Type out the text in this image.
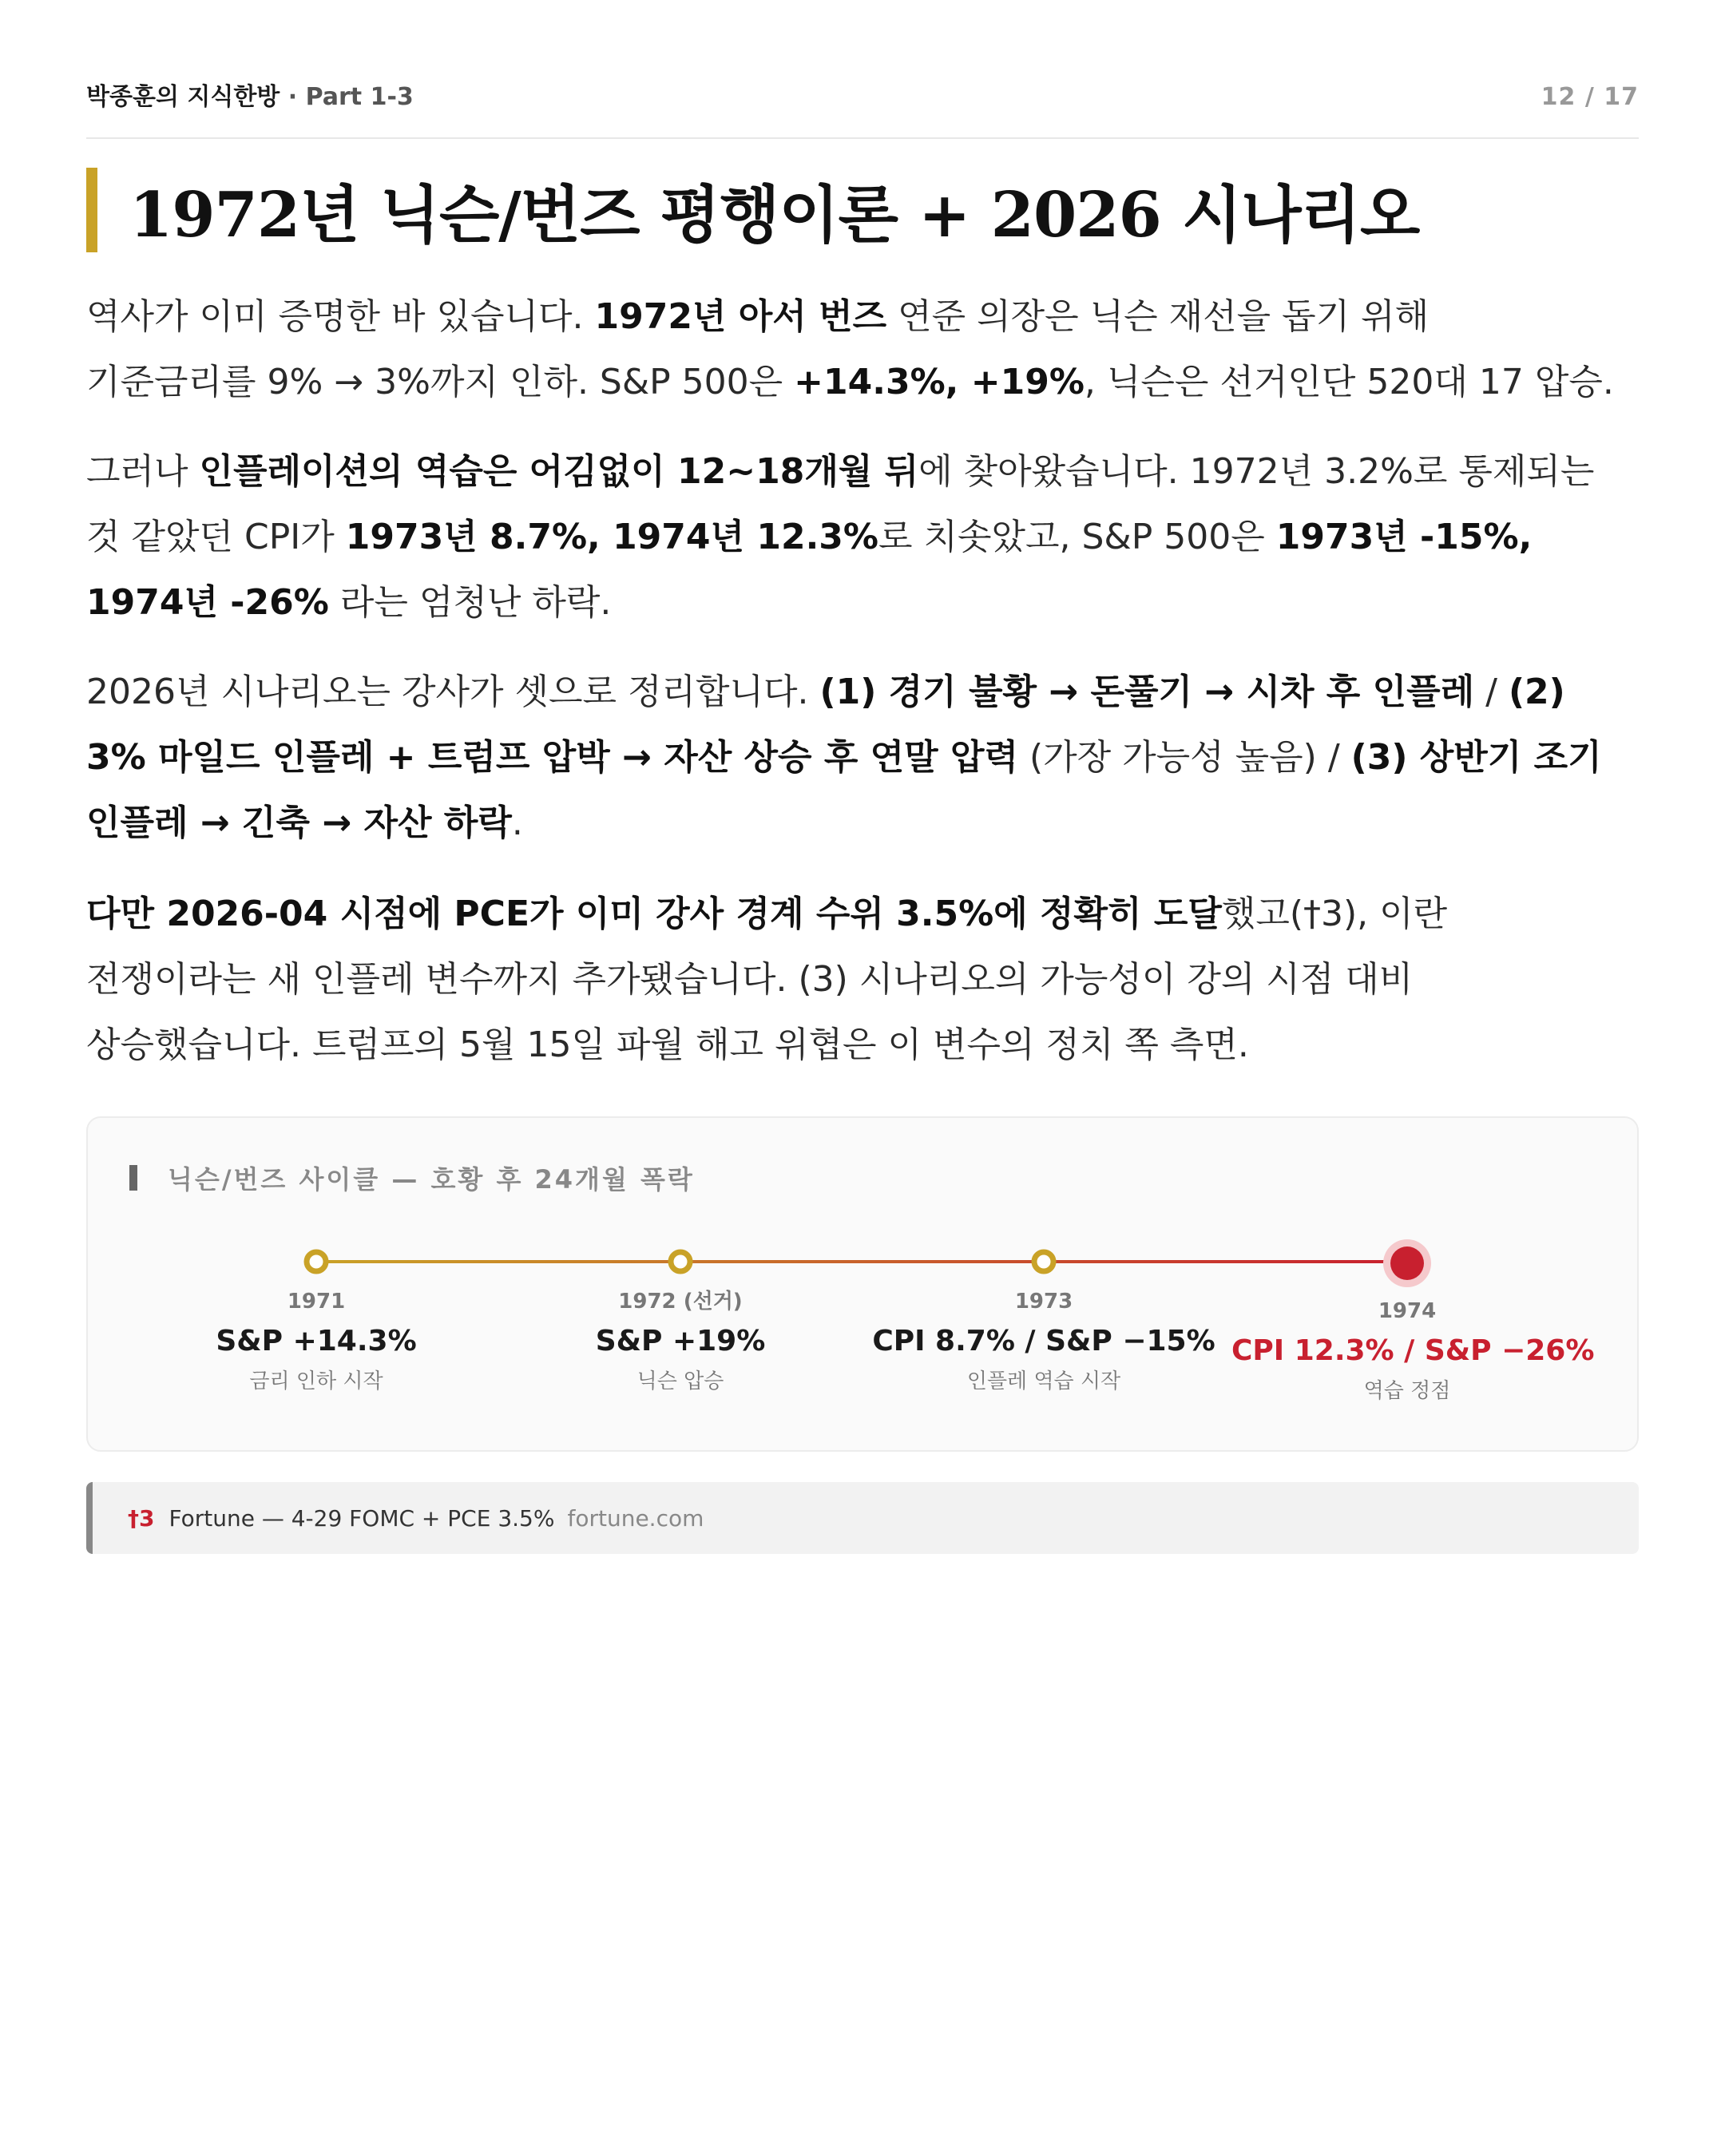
박종훈의 지식한방 · Part 1-3	12 / 17
1972년 닉슨/번즈 평행이론 + 2026 시나리오
역사가 이미 증명한 바 있습니다. 1972년 아서 번즈 연준 의장은 닉슨 재선을 돕기 위해
기준금리를 9% → 3%까지 인하. S&P 500은 +14.3%, +19%, 닉슨은 선거인단 520대 17 압승.
그러나 인플레이션의 역습은 어김없이 12~18개월 뒤에 찾아왔습니다. 1972년 3.2%로 통제되는
것 같았던 CPI가 1973년 8.7%, 1974년 12.3%로 치솟았고, S&P 500은 1973년 -15%,
1974년 -26% 라는 엄청난 하락.
2026년 시나리오는 강사가 셋으로 정리합니다. (1) 경기 불황 → 돈풀기 → 시차 후 인플레 / (2)
3% 마일드 인플레 + 트럼프 압박 → 자산 상승 후 연말 압력 (가장 가능성 높음) / (3) 상반기 조기
인플레 → 긴축 → 자산 하락.
다만 2026-04 시점에 PCE가 이미 강사 경계 수위 3.5%에 정확히 도달했고(†3), 이란
전쟁이라는 새 인플레 변수까지 추가됐습니다. (3) 시나리오의 가능성이 강의 시점 대비
상승했습니다. 트럼프의 5월 15일 파월 해고 위협은 이 변수의 정치 쪽 측면.
닉슨/번즈 사이클 — 호황 후 24개월 폭락
1971
S&P +14.3%
금리 인하 시작
1972 (선거)
S&P +19%
닉슨 압승
1973
CPI 8.7% / S&P −15%
인플레 역습 시작
1974
CPI 12.3% / S&P −26%
역습 정점
†3 Fortune — 4-29 FOMC + PCE 3.5% fortune.com
